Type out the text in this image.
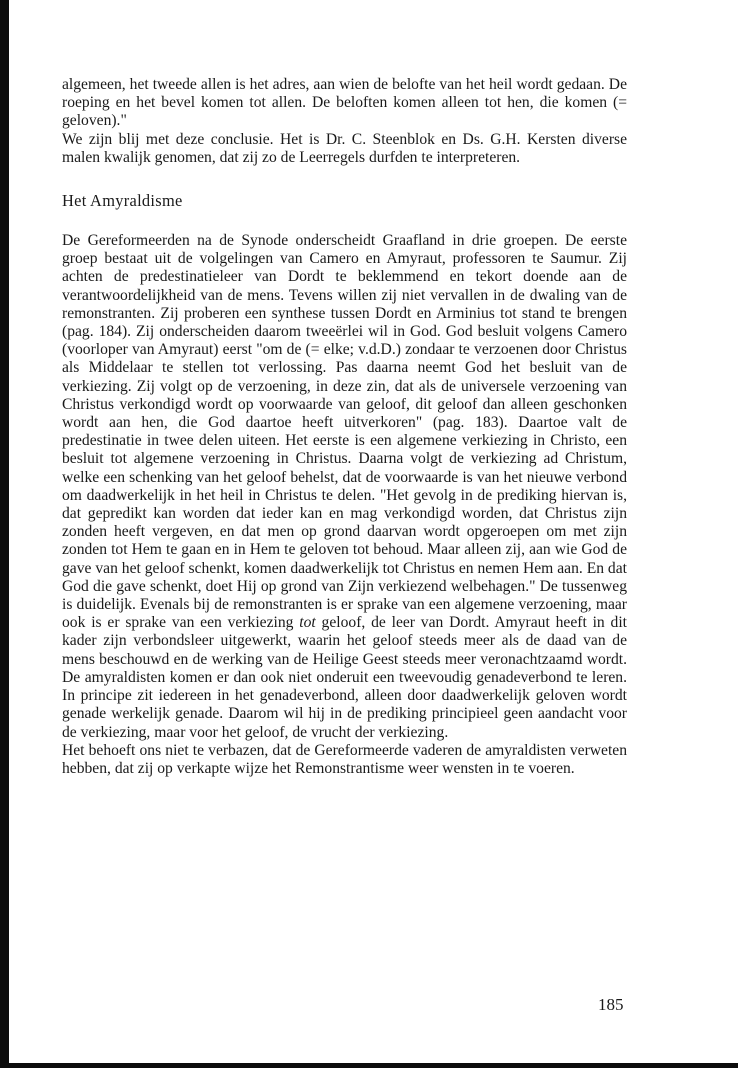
algemeen, het tweede allen is het adres, aan wien de belofte van het heil wordt gedaan. De roeping en het bevel komen tot allen. De beloften komen alleen tot hen, die komen (= geloven)."

We zijn blij met deze conclusie. Het is Dr. C. Steenblok en Ds. G.H. Kersten diverse malen kwalijk genomen, dat zij zo de Leerregels durfden te interpreteren.

Het Amyraldisme

De Gereformeerden na de Synode onderscheidt Graafland in drie groepen. De eerste groep bestaat uit de volgelingen van Camero en Amyraut, professoren te Saumur. Zij achten de predestinatieleer van Dordt te beklemmend en tekort doende aan de verantwoordelijkheid van de mens. Tevens willen zij niet vervallen in de dwaling van de remonstranten. Zij proberen een synthese tussen Dordt en Arminius tot stand te brengen (pag. 184). Zij onderscheiden daarom tweeërlei wil in God. God besluit volgens Camero (voorloper van Amyraut) eerst "om de (= elke; v.d.D.) zondaar te verzoenen door Christus als Middelaar te stellen tot verlossing. Pas daarna neemt God het besluit van de verkiezing. Zij volgt op de verzoening, in deze zin, dat als de universele verzoening van Christus verkondigd wordt op voorwaarde van geloof, dit geloof dan alleen geschonken wordt aan hen, die God daartoe heeft uitverkoren" (pag. 183). Daartoe valt de predestinatie in twee delen uiteen. Het eerste is een algemene verkiezing in Christo, een besluit tot algemene verzoening in Christus. Daarna volgt de verkiezing ad Christum, welke een schenking van het geloof behelst, dat de voorwaarde is van het nieuwe verbond om daadwerkelijk in het heil in Christus te delen. "Het gevolg in de prediking hiervan is, dat gepredikt kan worden dat ieder kan en mag verkondigd worden, dat Christus zijn zonden heeft vergeven, en dat men op grond daarvan wordt opgeroepen om met zijn zonden tot Hem te gaan en in Hem te geloven tot behoud. Maar alleen zij, aan wie God de gave van het geloof schenkt, komen daadwerkelijk tot Christus en nemen Hem aan. En dat God die gave schenkt, doet Hij op grond van Zijn verkiezend welbehagen." De tussenweg is duidelijk. Evenals bij de remonstranten is er sprake van een algemene verzoening, maar ook is er sprake van een verkiezing tot geloof, de leer van Dordt. Amyraut heeft in dit kader zijn verbondsleer uitgewerkt, waarin het geloof steeds meer als de daad van de mens beschouwd en de werking van de Heilige Geest steeds meer veronachtzaamd wordt. De amyraldisten komen er dan ook niet onderuit een tweevoudig genadeverbond te leren. In principe zit iedereen in het genadeverbond, alleen door daadwerkelijk geloven wordt genade werkelijk genade. Daarom wil hij in de prediking principieel geen aandacht voor de verkiezing, maar voor het geloof, de vrucht der verkiezing.

Het behoeft ons niet te verbazen, dat de Gereformeerde vaderen de amyraldisten verweten hebben, dat zij op verkapte wijze het Remonstrantisme weer wensten in te voeren.

185
